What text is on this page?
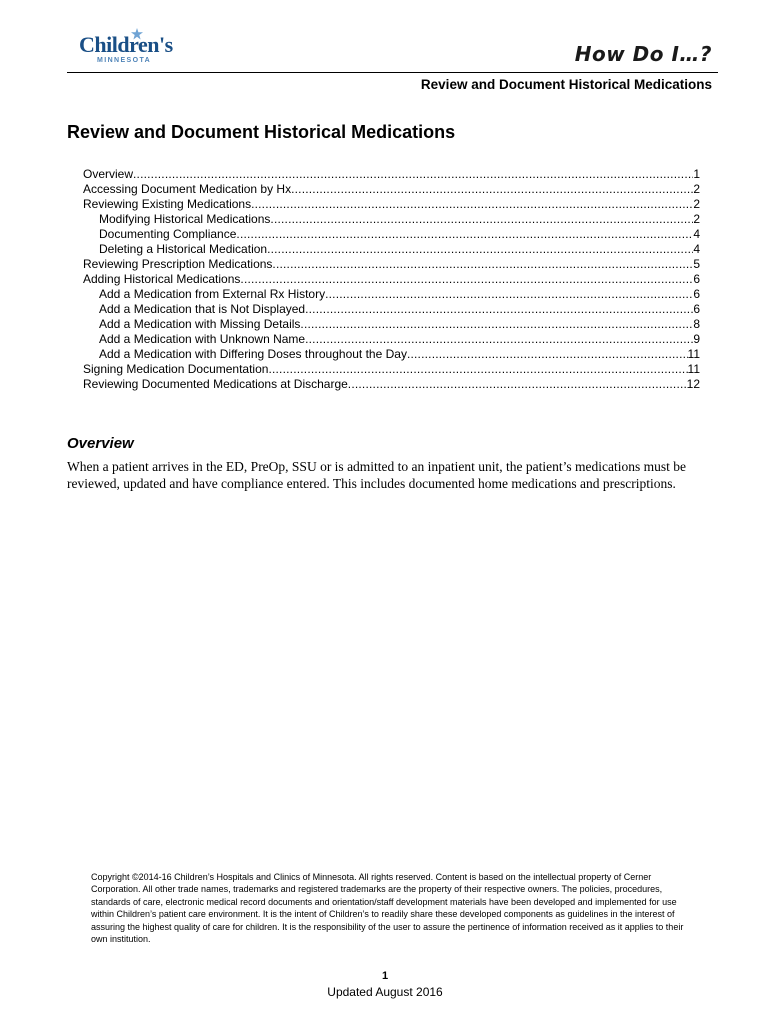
Children's
MINNESOTA	How Do I…?
Review and Document Historical Medications
Review and Document Historical Medications
Overview .....	1
Accessing Document Medication by Hx .....	2
Reviewing Existing Medications .....	2
Modifying Historical Medications .....	2
Documenting Compliance .....	4
Deleting a Historical Medication .....	4
Reviewing Prescription Medications .....	5
Adding Historical Medications .....	6
Add a Medication from External Rx History .....	6
Add a Medication that is Not Displayed .....	6
Add a Medication with Missing Details .....	8
Add a Medication with Unknown Name .....	9
Add a Medication with Differing Doses throughout the Day .....	11
Signing Medication Documentation .....	11
Reviewing Documented Medications at Discharge .....	12
Overview
When a patient arrives in the ED, PreOp, SSU or is admitted to an inpatient unit, the patient’s medications must be reviewed, updated and have compliance entered. This includes documented home medications and prescriptions.
Copyright ©2014-16 Children’s Hospitals and Clinics of Minnesota. All rights reserved. Content is based on the intellectual property of Cerner Corporation. All other trade names, trademarks and registered trademarks are the property of their respective owners. The policies, procedures, standards of care, electronic medical record documents and orientation/staff development materials have been developed and implemented for use within Children’s patient care environment. It is the intent of Children’s to readily share these developed components as guidelines in the interest of assuring the highest quality of care for children. It is the responsibility of the user to assure the pertinence of information received as it applies to their own institution.
1
Updated August 2016
